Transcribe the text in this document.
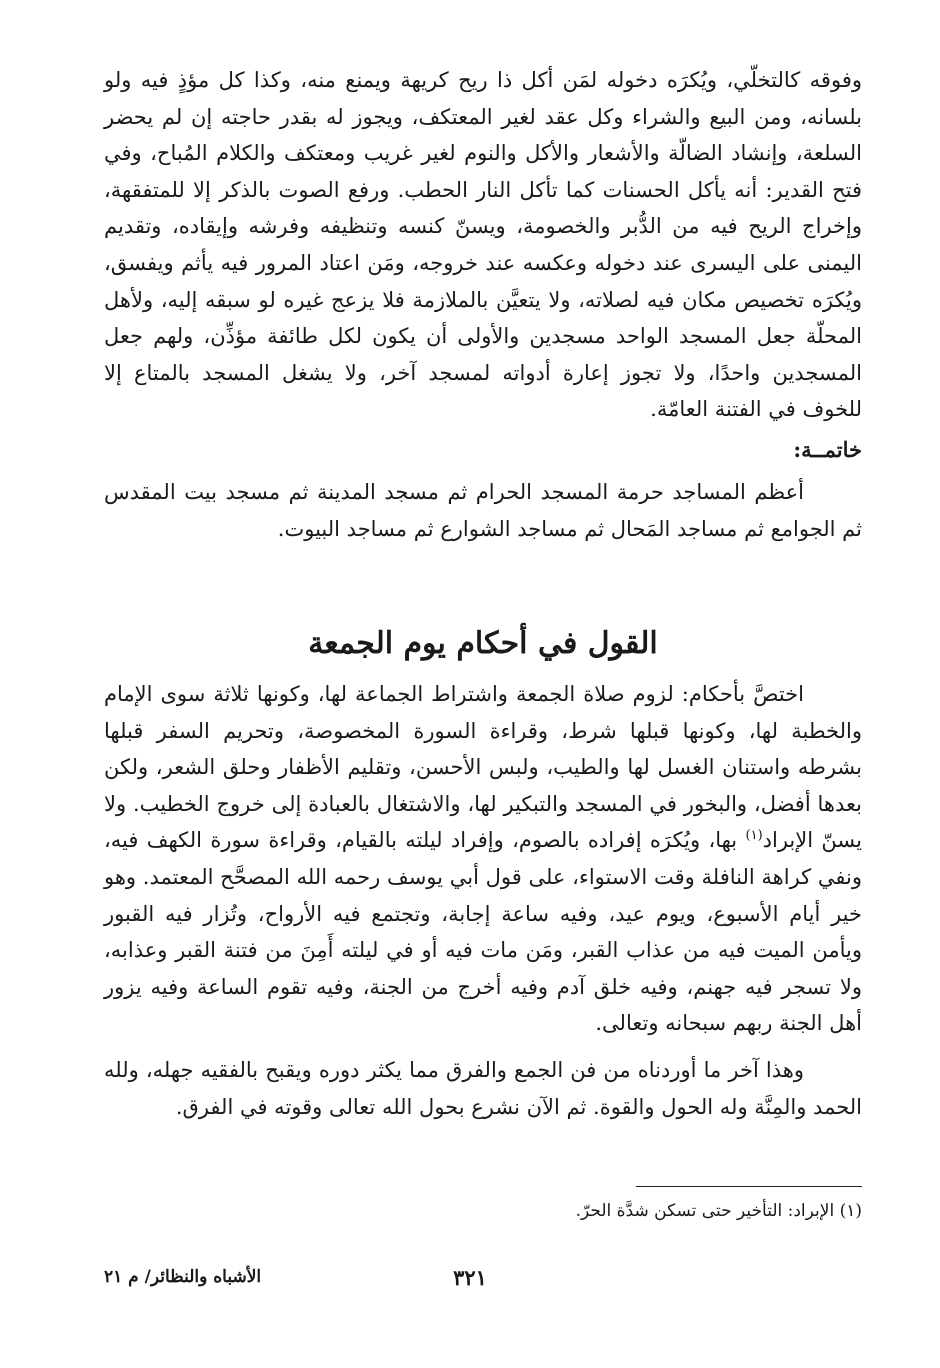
وفوقه كالتخلّي، ويُكرَه دخوله لمَن أكل ذا ريح كريهة ويمنع منه، وكذا كل مؤذٍ فيه ولو بلسانه، ومن البيع والشراء وكل عقد لغير المعتكف، ويجوز له بقدر حاجته إن لم يحضر السلعة، وإنشاد الضالّة والأشعار والأكل والنوم لغير غريب ومعتكف والكلام المُباح، وفي فتح القدير: أنه يأكل الحسنات كما تأكل النار الحطب. ورفع الصوت بالذكر إلا للمتفقهة، وإخراج الريح فيه من الدُّبر والخصومة، ويسنّ كنسه وتنظيفه وفرشه وإيقاده، وتقديم اليمنى على اليسرى عند دخوله وعكسه عند خروجه، ومَن اعتاد المرور فيه يأثم ويفسق، ويُكرَه تخصيص مكان فيه لصلاته، ولا يتعيَّن بالملازمة فلا يزعج غيره لو سبقه إليه، ولأهل المحلّة جعل المسجد الواحد مسجدين والأولى أن يكون لكل طائفة مؤذِّن، ولهم جعل المسجدين واحدًا، ولا تجوز إعارة أدواته لمسجد آخر، ولا يشغل المسجد بالمتاع إلا للخوف في الفتنة العامّة.

خاتمــة:

أعظم المساجد حرمة المسجد الحرام ثم مسجد المدينة ثم مسجد بيت المقدس ثم الجوامع ثم مساجد المَحال ثم مساجد الشوارع ثم مساجد البيوت.

القول في أحكام يوم الجمعة

اختصَّ بأحكام: لزوم صلاة الجمعة واشتراط الجماعة لها، وكونها ثلاثة سوى الإمام والخطبة لها، وكونها قبلها شرط، وقراءة السورة المخصوصة، وتحريم السفر قبلها بشرطه واستنان الغسل لها والطيب، ولبس الأحسن، وتقليم الأظفار وحلق الشعر، ولكن بعدها أفضل، والبخور في المسجد والتبكير لها، والاشتغال بالعبادة إلى خروج الخطيب. ولا يسنّ الإبراد$^{(١)}$ بها، ويُكرَه إفراده بالصوم، وإفراد ليلته بالقيام، وقراءة سورة الكهف فيه، ونفي كراهة النافلة وقت الاستواء، على قول أبي يوسف رحمه الله المصحَّح المعتمد. وهو خير أيام الأسبوع، ويوم عيد، وفيه ساعة إجابة، وتجتمع فيه الأرواح، وتُزار فيه القبور ويأمن الميت فيه من عذاب القبر، ومَن مات فيه أو في ليلته أَمِنَ من فتنة القبر وعذابه، ولا تسجر فيه جهنم، وفيه خلق آدم وفيه أخرج من الجنة، وفيه تقوم الساعة وفيه يزور أهل الجنة ربهم سبحانه وتعالى.

وهذا آخر ما أوردناه من فن الجمع والفرق مما يكثر دوره ويقبح بالفقيه جهله، ولله الحمد والمِنَّة وله الحول والقوة. ثم الآن نشرع بحول الله تعالى وقوته في الفرق.

(١) الإبراد: التأخير حتى تسكن شدَّة الحرّ.

٣٢١
الأشباه والنظائر/ م ٢١
